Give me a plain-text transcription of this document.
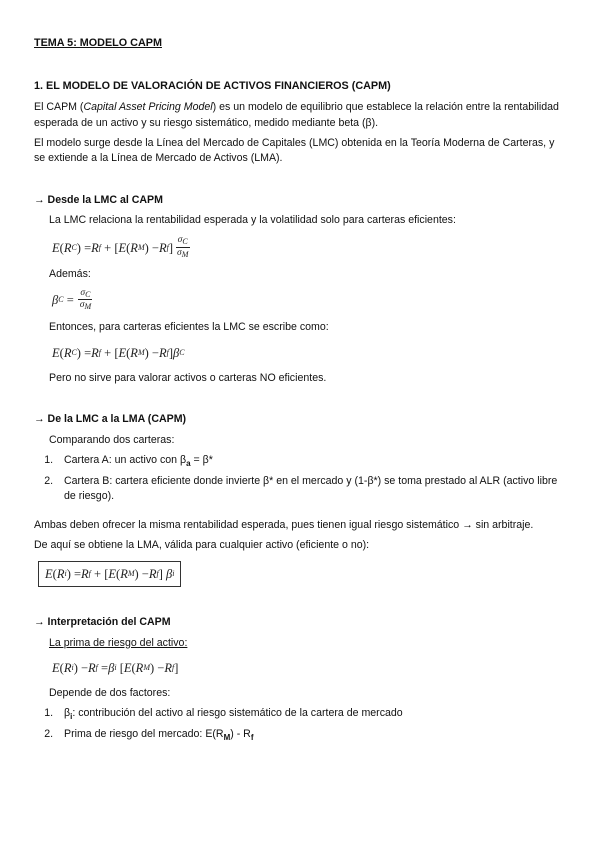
TEMA 5: MODELO CAPM

1. EL MODELO DE VALORACIÓN DE ACTIVOS FINANCIEROS (CAPM)

El CAPM (Capital Asset Pricing Model) es un modelo de equilibrio que establece la relación entre la rentabilidad esperada de un activo y su riesgo sistemático, medido mediante beta (β).

El modelo surge desde la Línea del Mercado de Capitales (LMC) obtenida en la Teoría Moderna de Carteras, y se extiende a la Línea de Mercado de Activos (LMA).

→ Desde la LMC al CAPM

La LMC relaciona la rentabilidad esperada y la volatilidad solo para carteras eficientes:

E ( R C ) = R f + [ E ( R M ) − R f ] $\frac{\sigma_C}{\sigma_M}$

Además:

β $C = \frac{\sigma_C}{\sigma_M}$

Entonces, para carteras eficientes la LMC se escribe como:

E ( R C ) = R f + [ E ( R M ) − R f ] β C

Pero no sirve para valorar activos o carteras NO eficientes.

→ De la LMC a la LMA (CAPM)

Comparando dos carteras:

1. Cartera A: un activo con $\beta_a = \beta*$
2. Cartera B: cartera eficiente donde invierte β* en el mercado y (1-β*) se toma prestado al ALR (activo libre de riesgo).

Ambas deben ofrecer la misma rentabilidad esperada, pues tienen igual riesgo sistemático → sin arbitraje.

De aquí se obtiene la LMA, válida para cualquier activo (eficiente o no):

E ( R i ) = R f + [ E ( R M ) − R f ] β i

→ Interpretación del CAPM

La prima de riesgo del activo:

E ( R i ) − R f = β i [ E ( R M ) − R f ]

Depende de dos factores:

1. $\beta_i$: contribución del activo al riesgo sistemático de la cartera de mercado
2. Prima de riesgo del mercado: $E(R_M) - R_f$
